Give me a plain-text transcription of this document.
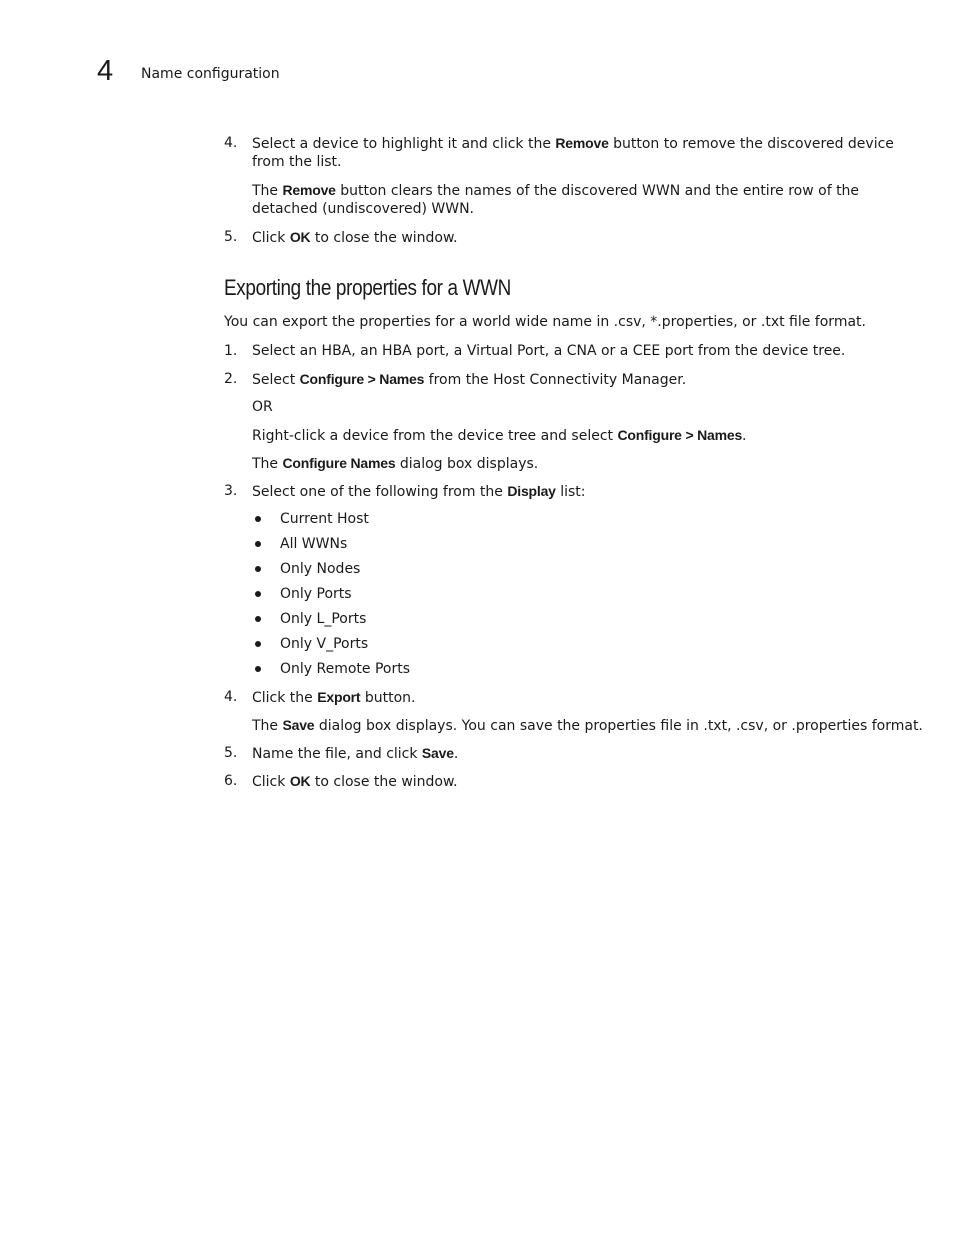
4 Name configuration
4. Select a device to highlight it and click the Remove button to remove the discovered device
from the list.
The Remove button clears the names of the discovered WWN and the entire row of the
detached (undiscovered) WWN.
5. Click OK to close the window.
Exporting the properties for a WWN
You can export the properties for a world wide name in .csv, *.properties, or .txt file format.
1. Select an HBA, an HBA port, a Virtual Port, a CNA or a CEE port from the device tree.
2. Select Configure > Names from the Host Connectivity Manager.
OR
Right-click a device from the device tree and select Configure > Names.
The Configure Names dialog box displays.
3. Select one of the following from the Display list:
Current Host
All WWNs
Only Nodes
Only Ports
Only L_Ports
Only V_Ports
Only Remote Ports
4. Click the Export button.
The Save dialog box displays. You can save the properties file in .txt, .csv, or .properties format.
5. Name the file, and click Save.
6. Click OK to close the window.
